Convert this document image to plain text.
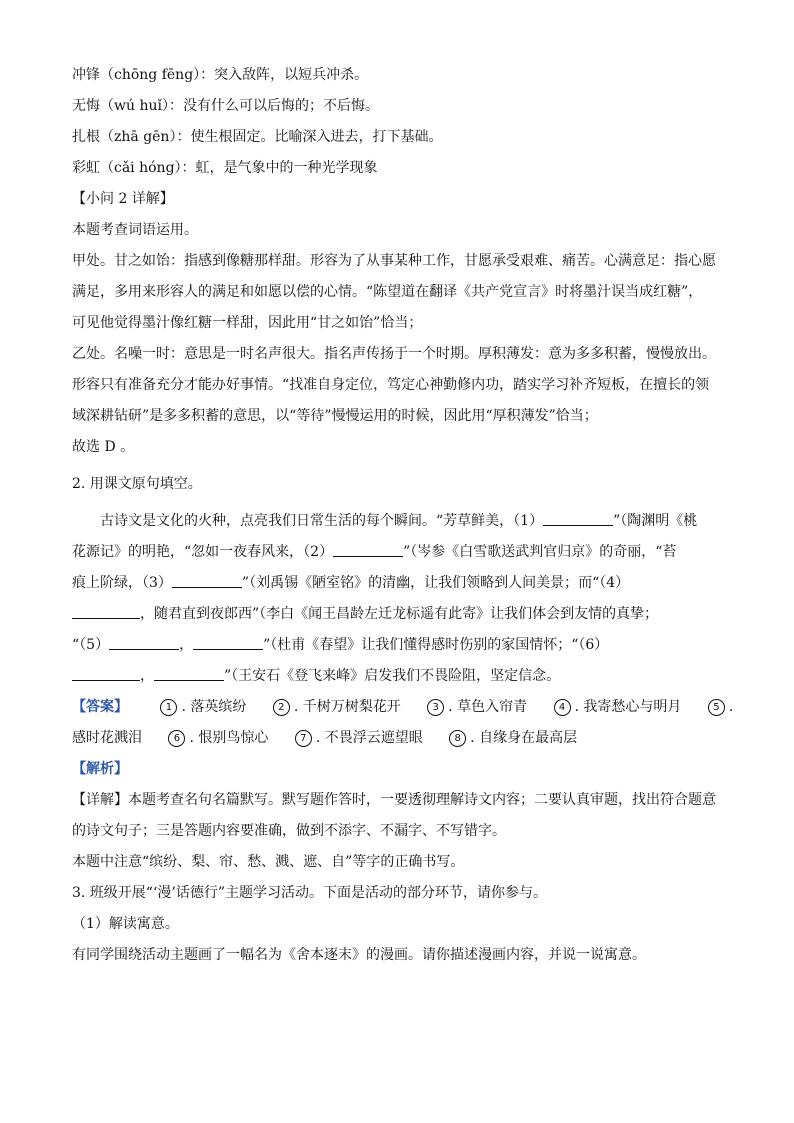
冲锋（chōng fēng）：突入敌阵，以短兵冲杀。
无悔（wú huǐ）：没有什么可以后悔的；不后悔。
扎根（zhā gēn）：使生根固定。比喻深入进去，打下基础。
彩虹（cǎi hóng）：虹，是气象中的一种光学现象
【小问 2 详解】
本题考查词语运用。
甲处。甘之如饴：指感到像糖那样甜。形容为了从事某种工作，甘愿承受艰难、痛苦。心满意足：指心愿
满足，多用来形容人的满足和如愿以偿的心情。“陈望道在翻译《共产党宣言》时将墨汁误当成红糖”，
可见他觉得墨汁像红糖一样甜，因此用“甘之如饴”恰当；
乙处。名噪一时：意思是一时名声很大。指名声传扬于一个时期。厚积薄发：意为多多积蓄，慢慢放出。
形容只有准备充分才能办好事情。“找准自身定位，笃定心神勤修内功，踏实学习补齐短板，在擅长的领
域深耕钻研”是多多积蓄的意思，以“等待”慢慢运用的时候，因此用“厚积薄发”恰当；
故选 D 。
2. 用课文原句填空。
古诗文是文化的火种，点亮我们日常生活的每个瞬间。“芳草鲜美，（1）	”（陶渊明《桃
花源记》的明艳，“忽如一夜春风来，（2）	”（岑参《白雪歌送武判官归京》的奇丽，“苔
痕上阶绿，（3）	”（刘禹锡《陋室铭》的清幽，让我们领略到人间美景；而“（4）
，随君直到夜郎西”（李白《闻王昌龄左迁龙标遥有此寄》让我们体会到友情的真挚；
“（5）	，	”（杜甫《春望》让我们懂得感时伤别的家国情怀；“（6）
，	”（王安石《登飞来峰》启发我们不畏险阻，坚定信念。
【答案】	1 . 落英缤纷	2 . 千树万树梨花开	3 . 草色入帘青	4 . 我寄愁心与明月	5 .
感时花溅泪	6 . 恨别鸟惊心	7 . 不畏浮云遮望眼	8 . 自缘身在最高层
【解析】
【详解】本题考查名句名篇默写。默写题作答时，一要透彻理解诗文内容；二要认真审题，找出符合题意
的诗文句子；三是答题内容要准确，做到不添字、不漏字、不写错字。
本题中注意“缤纷、梨、帘、愁、溅、遮、自”等字的正确书写。
3. 班级开展“‘漫’话德行”主题学习活动。下面是活动的部分环节，请你参与。
（1）解读寓意。
有同学围绕活动主题画了一幅名为《舍本逐末》的漫画。请你描述漫画内容，并说一说寓意。
